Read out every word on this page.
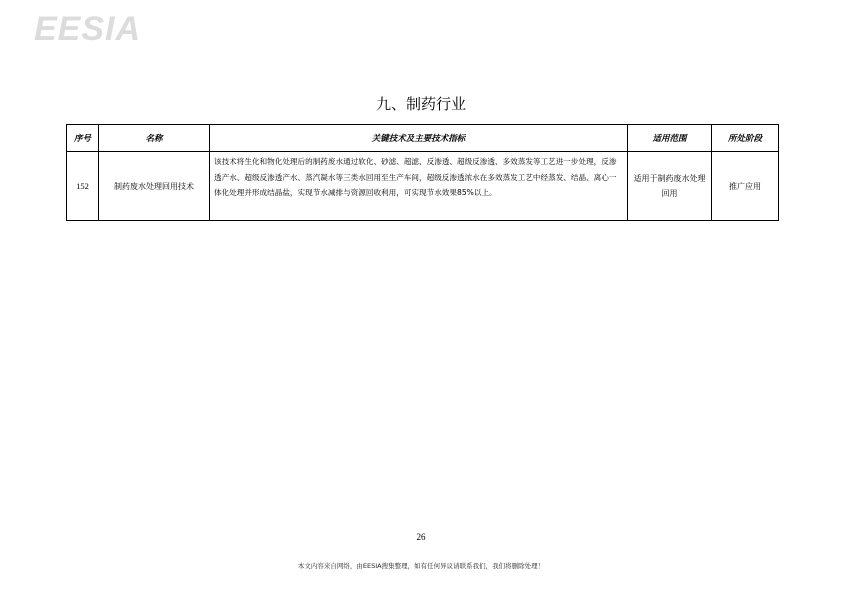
EESIA
九、制药行业
序号	名称	关键技术及主要技术指标	适用范围	所处阶段
152	制药废水处理回用技术	该技术将生化和物化处理后的制药废水通过软化、砂滤、超滤、反渗透、超级反渗透、多效蒸发等工艺进一步处理，反渗透产水、超级反渗透产水、蒸汽凝水等三类水回用至生产车间，超级反渗透浓水在多效蒸发工艺中经蒸发、结晶、离心一体化处理并形成结晶盐，实现节水减排与资源回收利用，可实现节水效果85%以上。	适用于制药废水处理回用	推广应用
26
本文内容来自网络，由EESIA搜集整理，如有任何异议请联系我们，我们将删除处理！
